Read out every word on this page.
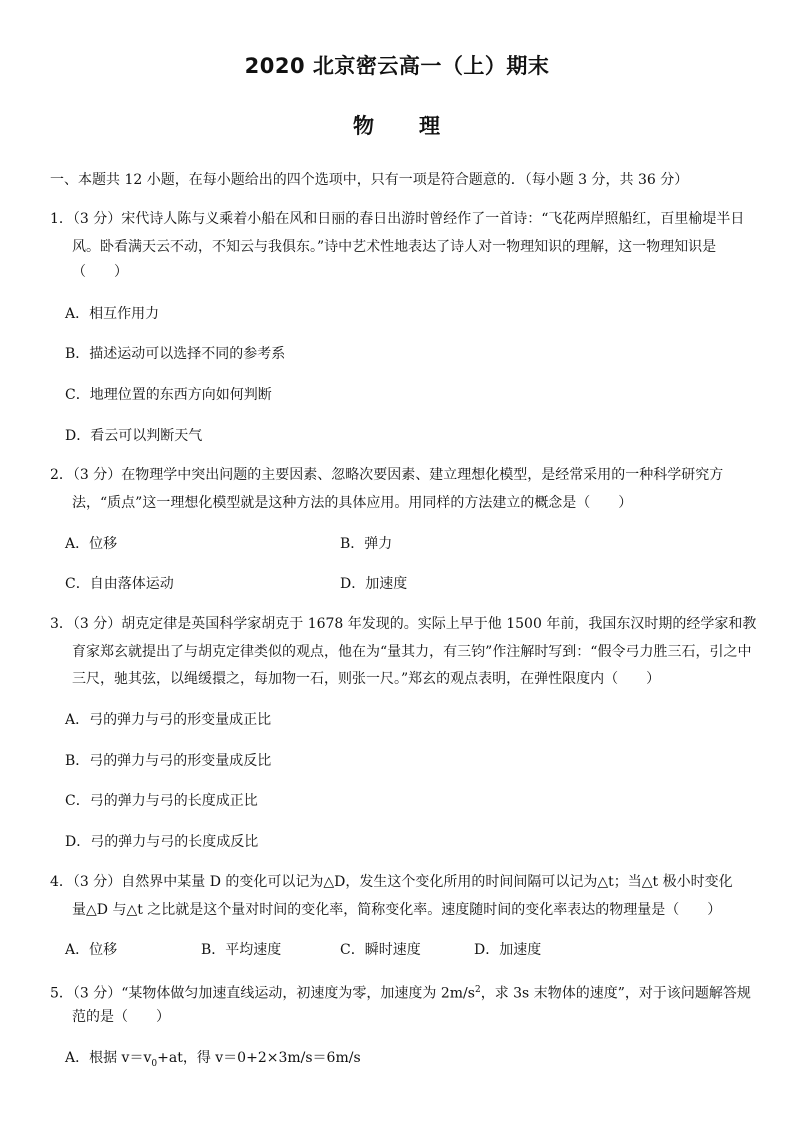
2020 北京密云高一（上）期末
物 理
一、本题共 12 小题，在每小题给出的四个选项中，只有一项是符合题意的．（每小题 3 分，共 36 分）
1．（3 分）宋代诗人陈与义乘着小船在风和日丽的春日出游时曾经作了一首诗：“飞花两岸照船红，百里榆堤半日
风。卧看满天云不动，不知云与我俱东。”诗中艺术性地表达了诗人对一物理知识的理解，这一物理知识是
（　　）
A．相互作用力
B．描述运动可以选择不同的参考系
C．地理位置的东西方向如何判断
D．看云可以判断天气
2．（3 分）在物理学中突出问题的主要因素、忽略次要因素、建立理想化模型，是经常采用的一种科学研究方
法，“质点”这一理想化模型就是这种方法的具体应用。用同样的方法建立的概念是（　　）
A．位移	B．弹力
C．自由落体运动	D．加速度
3．（3 分）胡克定律是英国科学家胡克于 1678 年发现的。实际上早于他 1500 年前，我国东汉时期的经学家和教
育家郑玄就提出了与胡克定律类似的观点，他在为“量其力，有三钧”作注解时写到：“假令弓力胜三石，引之中
三尺，驰其弦，以绳缓擐之，每加物一石，则张一尺。”郑玄的观点表明，在弹性限度内（　　）
A．弓的弹力与弓的形变量成正比
B．弓的弹力与弓的形变量成反比
C．弓的弹力与弓的长度成正比
D．弓的弹力与弓的长度成反比
4．（3 分）自然界中某量 D 的变化可以记为△D，发生这个变化所用的时间间隔可以记为△t；当△t 极小时变化
量△D 与△t 之比就是这个量对时间的变化率，简称变化率。速度随时间的变化率表达的物理量是（　　）
A．位移	B．平均速度	C．瞬时速度	D．加速度
5．（3 分）“某物体做匀加速直线运动，初速度为零，加速度为 $2m/s^2$，求 3s 末物体的速度”，对于该问题解答规
范的是（　　）
A．根据 $v=v_0+at$，得 v＝0+2×3m/s＝6m/s
